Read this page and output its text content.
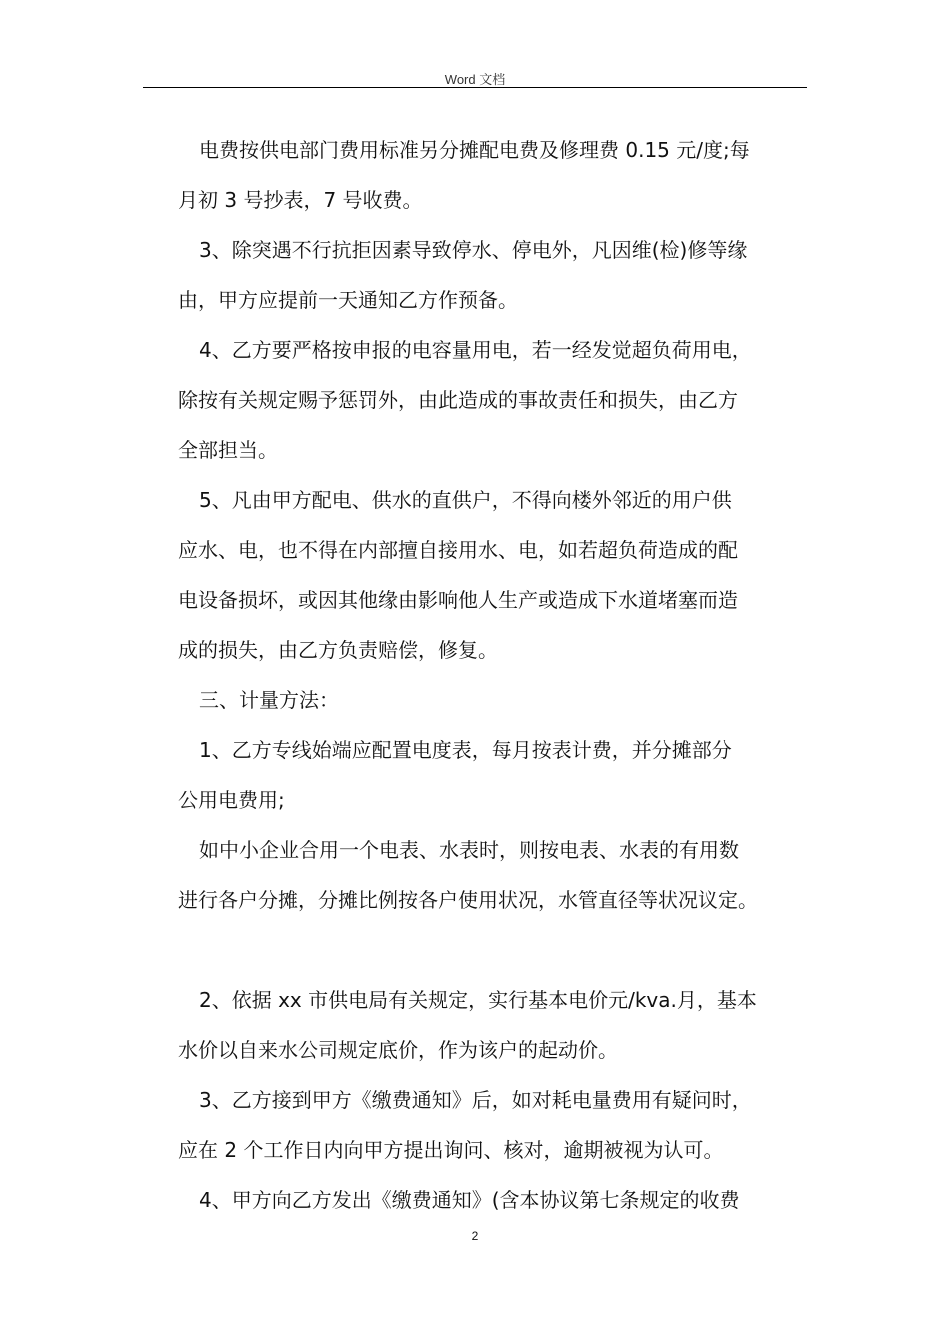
Word 文档
电费按供电部门费用标准另分摊配电费及修理费 0.15 元/度;每
月初 3 号抄表，7 号收费。
3、除突遇不行抗拒因素导致停水、停电外，凡因维(检)修等缘
由，甲方应提前一天通知乙方作预备。
4、乙方要严格按申报的电容量用电，若一经发觉超负荷用电，
除按有关规定赐予惩罚外，由此造成的事故责任和损失，由乙方
全部担当。
5、凡由甲方配电、供水的直供户，不得向楼外邻近的用户供
应水、电，也不得在内部擅自接用水、电，如若超负荷造成的配
电设备损坏，或因其他缘由影响他人生产或造成下水道堵塞而造
成的损失，由乙方负责赔偿，修复。
三、计量方法：
1、乙方专线始端应配置电度表，每月按表计费，并分摊部分
公用电费用;
如中小企业合用一个电表、水表时，则按电表、水表的有用数
进行各户分摊，分摊比例按各户使用状况，水管直径等状况议定。
2、依据 xx 市供电局有关规定，实行基本电价元/kva.月，基本
水价以自来水公司规定底价，作为该户的起动价。
3、乙方接到甲方《缴费通知》后，如对耗电量费用有疑问时，
应在 2 个工作日内向甲方提出询问、核对，逾期被视为认可。
4、甲方向乙方发出《缴费通知》(含本协议第七条规定的收费
2
